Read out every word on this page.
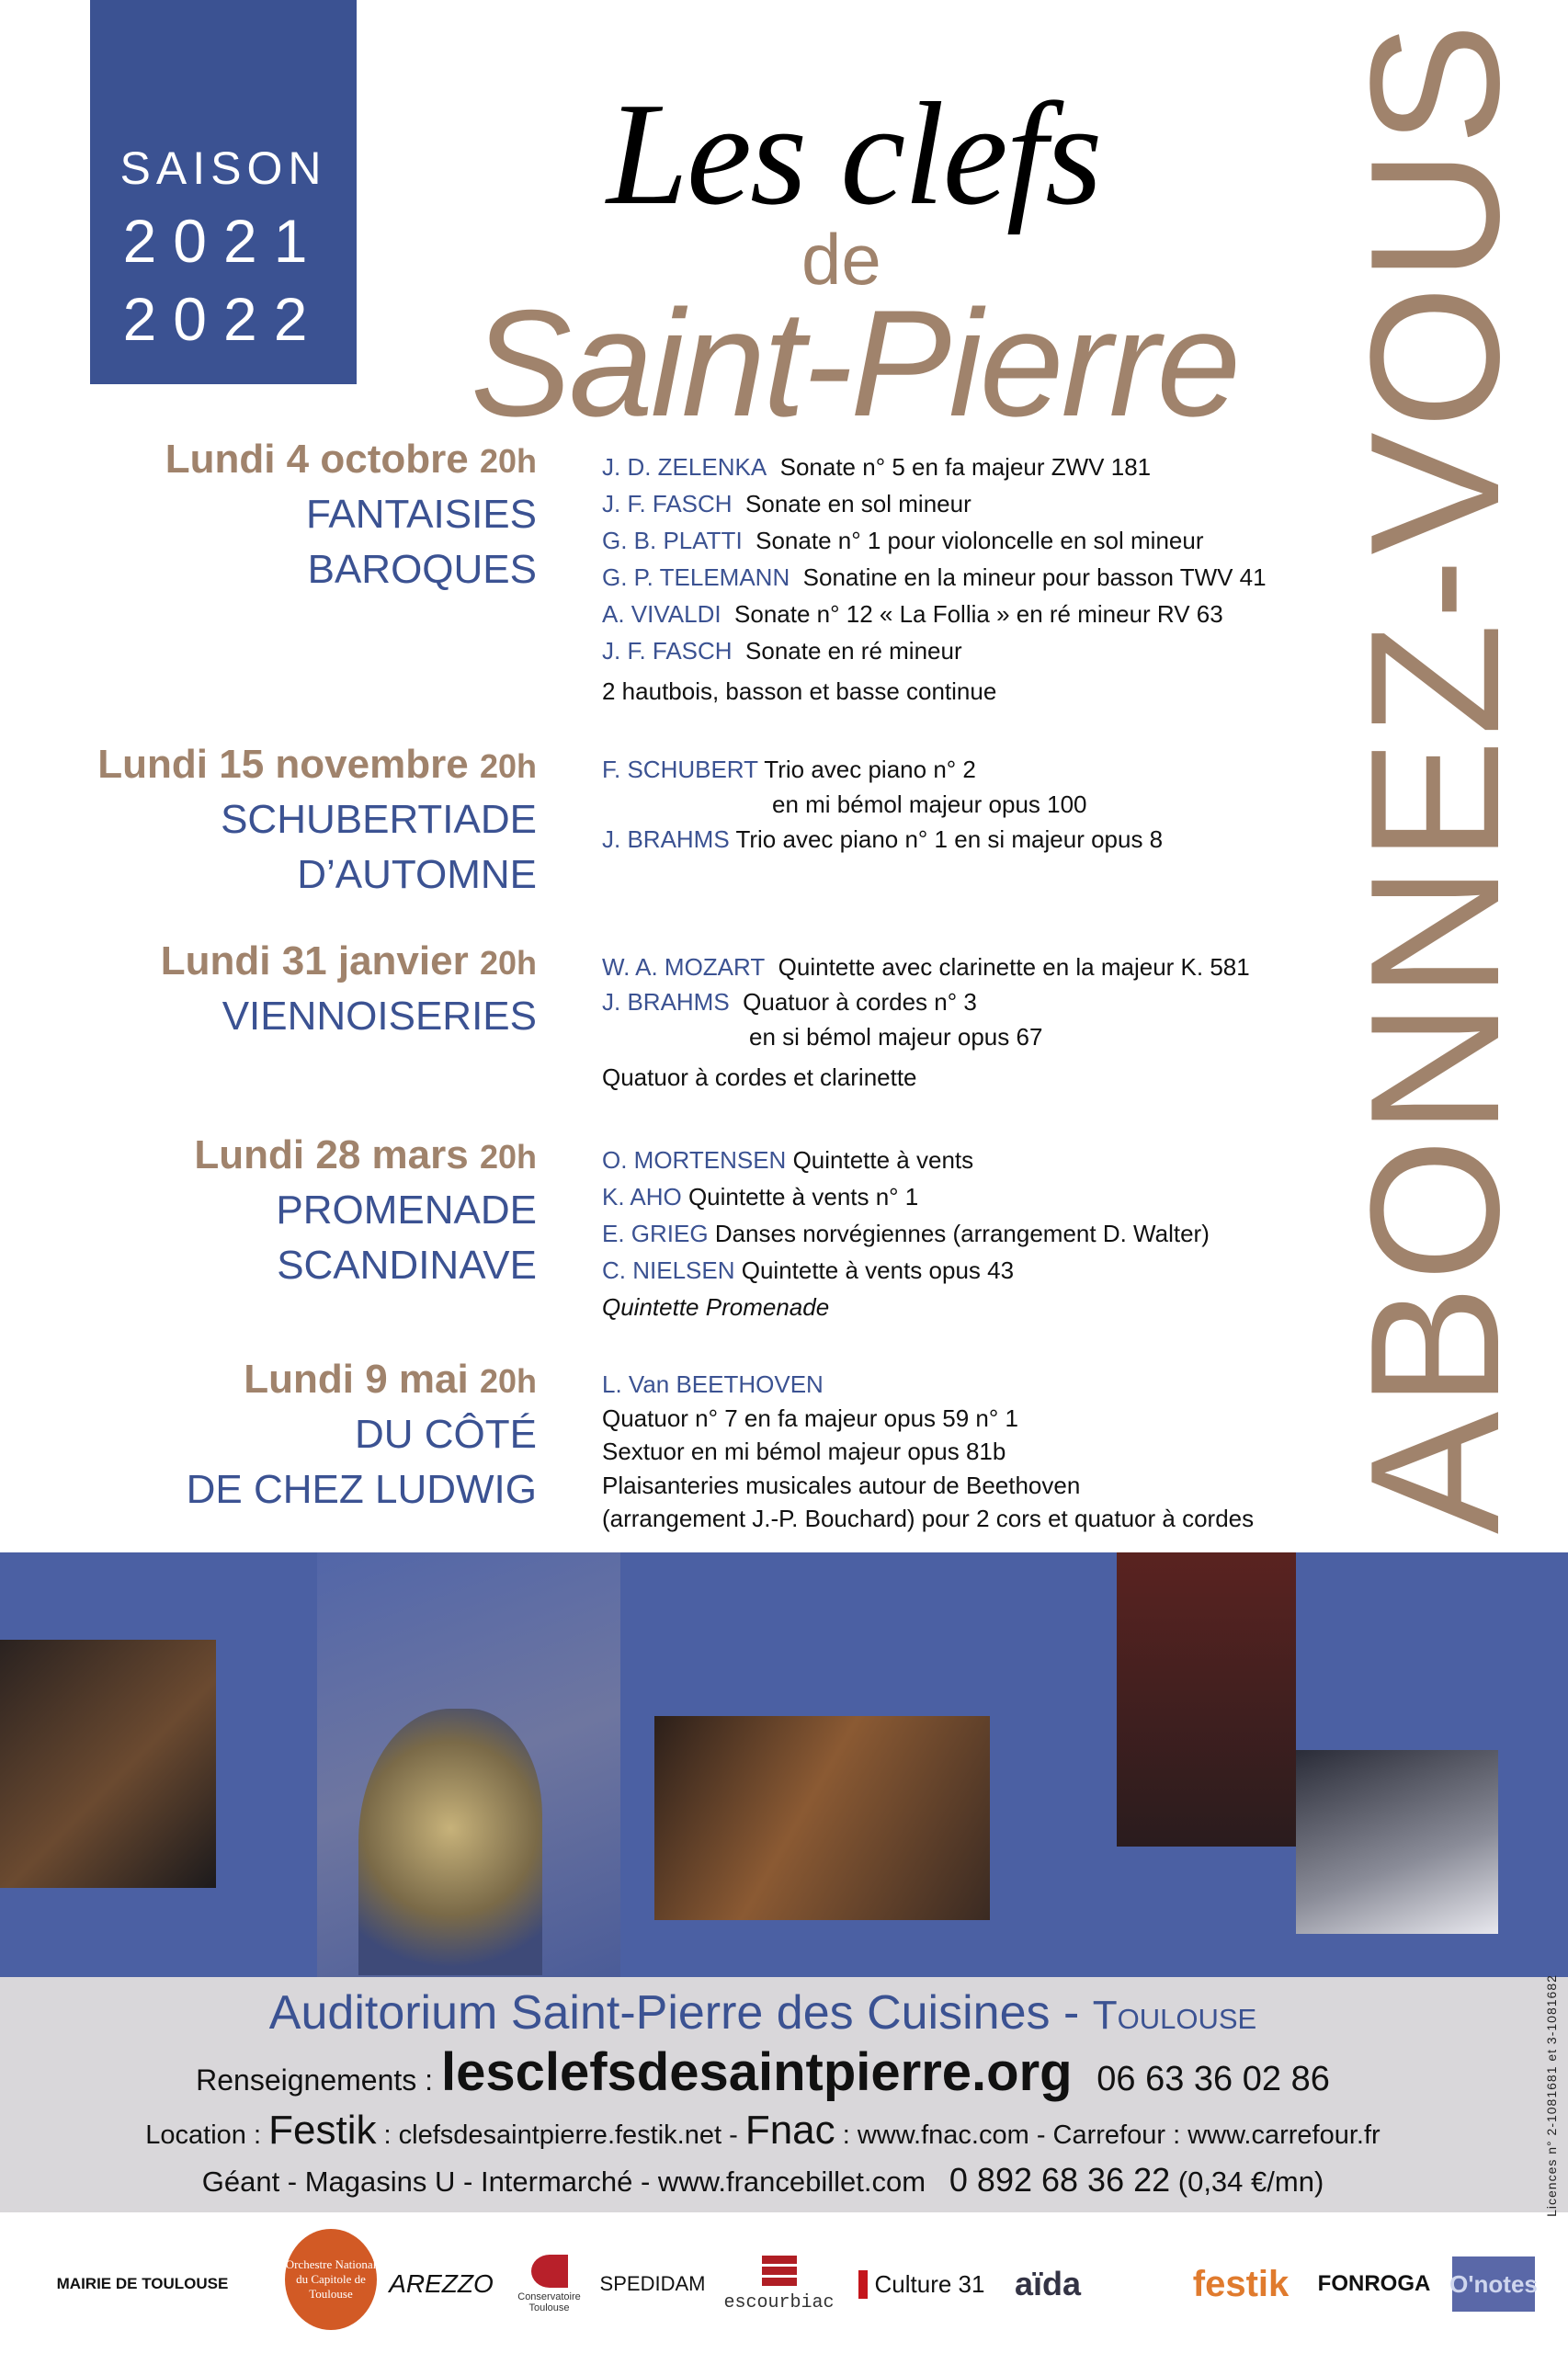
SAISON
2021
2022
Les clefs
de
Saint-Pierre ABONNEZ-VOUS
Lundi 4 octobre 20h
FANTAISIES
BAROQUES
J. D. ZELENKA Sonate n° 5 en fa majeur ZWV 181
J. F. FASCH Sonate en sol mineur
G. B. PLATTI Sonate n° 1 pour violoncelle en sol mineur
G. P. TELEMANN Sonatine en la mineur pour basson TWV 41
A. VIVALDI Sonate n° 12 « La Follia » en ré mineur RV 63
J. F. FASCH Sonate en ré mineur
2 hautbois, basson et basse continue
Lundi 15 novembre 20h
SCHUBERTIADE
D’AUTOMNE
F. SCHUBERT Trio avec piano n° 2
en mi bémol majeur opus 100
J. BRAHMS Trio avec piano n° 1 en si majeur opus 8
Lundi 31 janvier 20h
VIENNOISERIES
W. A. MOZART Quintette avec clarinette en la majeur K. 581
J. BRAHMS Quatuor à cordes n° 3
en si bémol majeur opus 67
Quatuor à cordes et clarinette
Lundi 28 mars 20h
PROMENADE
SCANDINAVE
O. MORTENSEN Quintette à vents
K. AHO Quintette à vents n° 1
E. GRIEG Danses norvégiennes (arrangement D. Walter)
C. NIELSEN Quintette à vents opus 43
Quintette Promenade
Lundi 9 mai 20h
DU CÔTÉ
DE CHEZ LUDWIG
L. Van BEETHOVEN
Quatuor n° 7 en fa majeur opus 59 n° 1
Sextuor en mi bémol majeur opus 81b
Plaisanteries musicales autour de Beethoven
(arrangement J.-P. Bouchard) pour 2 cors et quatuor à cordes
Auditorium Saint-Pierre des Cuisines - Toulouse
Renseignements : lesclefsdesaintpierre.org 06 63 36 02 86
Location : Festik : clefsdesaintpierre.festik.net - Fnac : www.fnac.com - Carrefour : www.carrefour.fr
Géant - Magasins U - Intermarché - www.francebillet.com 0 892 68 36 22 (0,34 €/mn)	Licences n° 2-1081681 et 3-1081682
MAIRIE DE TOULOUSE
Orchestre National du Capitole de Toulouse	AREZZO	Conservatoire Toulouse
SPEDIDAM
escourbiac
Culture 31 aïda	festik FONROGA O'notes
